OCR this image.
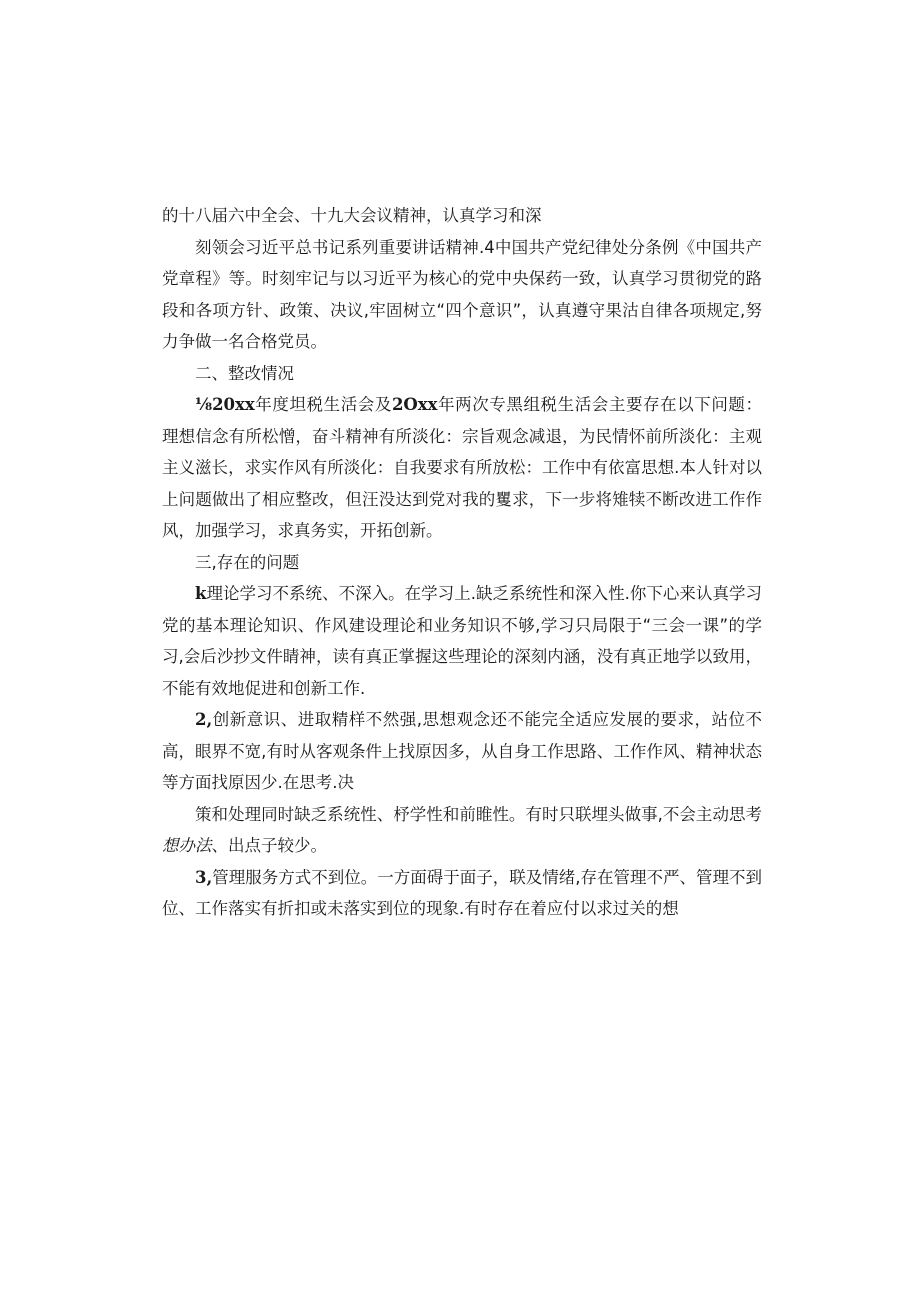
的十八届六中全会、十九大会议精神，认真学习和深

刻领会习近平总书记系列重要讲话精神.4中国共产党纪律处分条例《中国共产党章程》等。时刻牢记与以习近平为核心的党中央保药一致，认真学习贯彻党的路段和各项方针、政策、决议,牢固树立“四个意识”，认真遵守果沽自律各项规定,努力争做一名合格党员。

二、整改情况

⅛20xx年度坦税生活会及2Oxx年两次专黑组税生活会主要存在以下问题：理想信念有所松憎，奋斗精神有所淡化：宗旨观念减退，为民情怀前所淡化：主观主义滋长，求实作风有所淡化：自我要求有所放松：工作中有依富思想.本人针对以上问题做出了相应整改，但汪没达到党对我的矍求，下一步将雉犊不断改进工作作风，加强学习，求真务实，开拓创新。

三,存在的问题

k理论学习不系统、不深入。在学习上.缺乏系统性和深入性.你下心来认真学习党的基本理论知识、作风建设理论和业务知识不够,学习只局限于“三会一课”的学习,会后沙抄文件睛神，读有真正掌握这些理论的深刻内涵，没有真正地学以致用，不能有效地促进和创新工作.

2,创新意识、进取精样不然强,思想观念还不能完全适应发展的要求，站位不高，眼界不宽,有时从客观条件上找原因多，从自身工作思路、工作作风、精神状态等方面找原因少.在思考.决

策和处理同时缺乏系统性、杼学性和前睢性。有时只联埋头做事,不会主动思考想办法、出点子较少。

3,管理服务方式不到位。一方面碍于面子，联及情绪,存在管理不严、管理不到位、工作落实有折扣或未落实到位的现象.有时存在着应付以求过关的想
